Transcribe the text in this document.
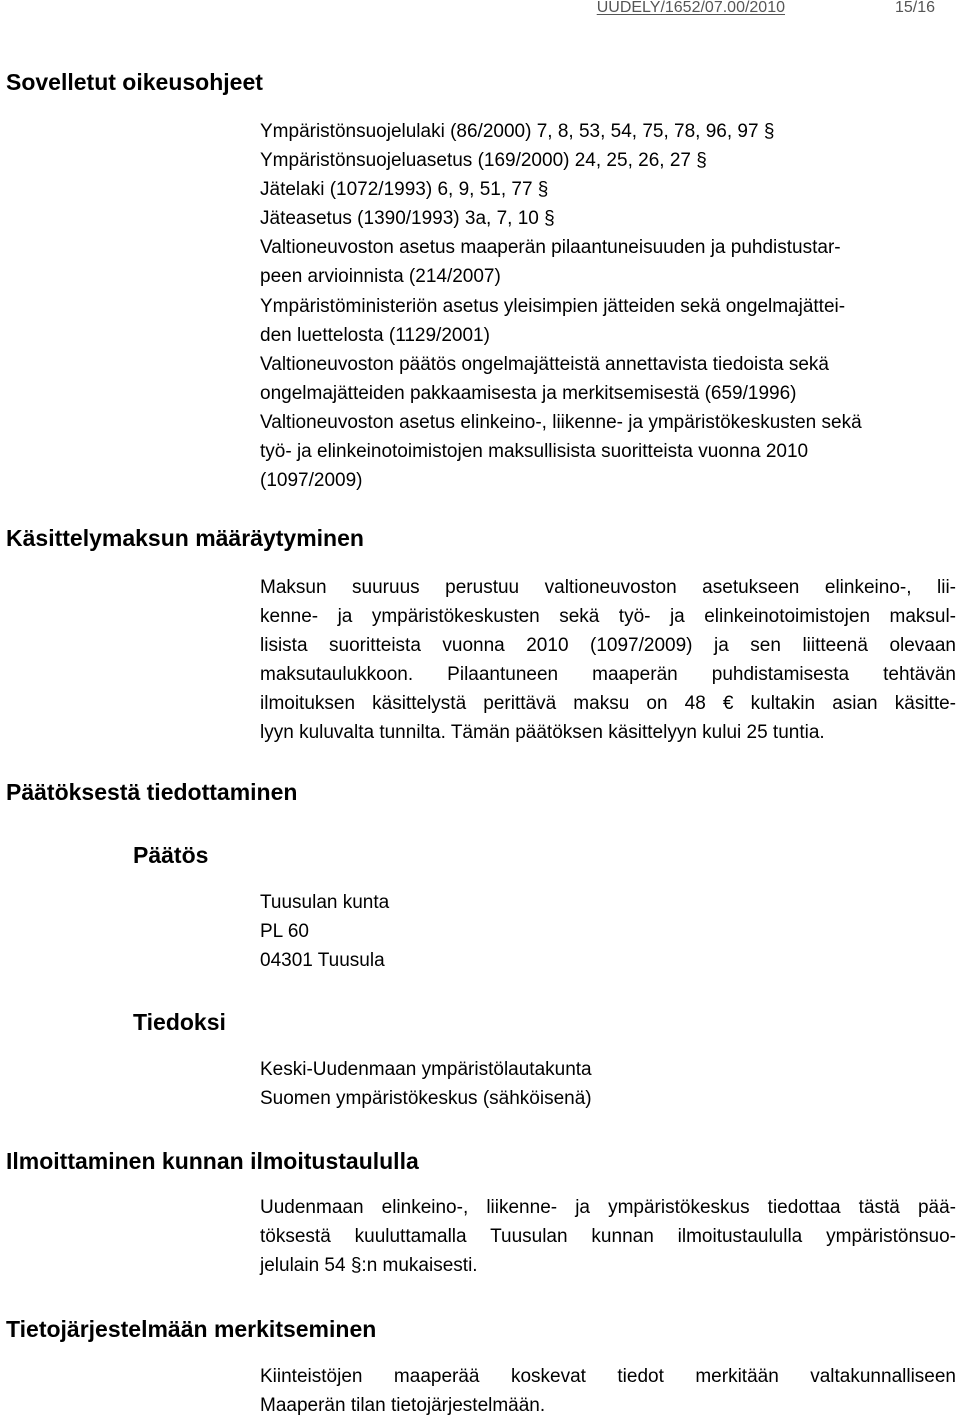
UUDELY/1652/07.00/2010	15/16
Sovelletut oikeusohjeet
Ympäristönsuojelulaki (86/2000) 7, 8, 53, 54, 75, 78, 96, 97 §
Ympäristönsuojeluasetus (169/2000) 24, 25, 26, 27 §
Jätelaki (1072/1993) 6, 9, 51, 77 §
Jäteasetus (1390/1993) 3a, 7, 10 §
Valtioneuvoston asetus maaperän pilaantuneisuuden ja puhdistustar-
peen arvioinnista (214/2007)
Ympäristöministeriön asetus yleisimpien jätteiden sekä ongelmajättei-
den luettelosta (1129/2001)
Valtioneuvoston päätös ongelmajätteistä annettavista tiedoista sekä
ongelmajätteiden pakkaamisesta ja merkitsemisestä (659/1996)
Valtioneuvoston asetus elinkeino-, liikenne- ja ympäristökeskusten sekä
työ- ja elinkeinotoimistojen maksullisista suoritteista vuonna 2010
(1097/2009)
Käsittelymaksun määräytyminen
Maksun suuruus perustuu valtioneuvoston asetukseen elinkeino-, lii-
kenne- ja ympäristökeskusten sekä työ- ja elinkeinotoimistojen maksul-
lisista suoritteista vuonna 2010 (1097/2009) ja sen liitteenä olevaan
maksutaulukkoon. Pilaantuneen maaperän puhdistamisesta tehtävän
ilmoituksen käsittelystä perittävä maksu on 48 € kultakin asian käsitte-
lyyn kuluvalta tunnilta. Tämän päätöksen käsittelyyn kului 25 tuntia.
Päätöksestä tiedottaminen
Päätös
Tuusulan kunta
PL 60
04301 Tuusula
Tiedoksi
Keski-Uudenmaan ympäristölautakunta
Suomen ympäristökeskus (sähköisenä)
Ilmoittaminen kunnan ilmoitustaululla
Uudenmaan elinkeino-, liikenne- ja ympäristökeskus tiedottaa tästä pää-
töksestä kuuluttamalla Tuusulan kunnan ilmoitustaululla ympäristönsuo-
jelulain 54 §:n mukaisesti.
Tietojärjestelmään merkitseminen
Kiinteistöjen maaperää koskevat tiedot merkitään valtakunnalliseen
Maaperän tilan tietojärjestelmään.
